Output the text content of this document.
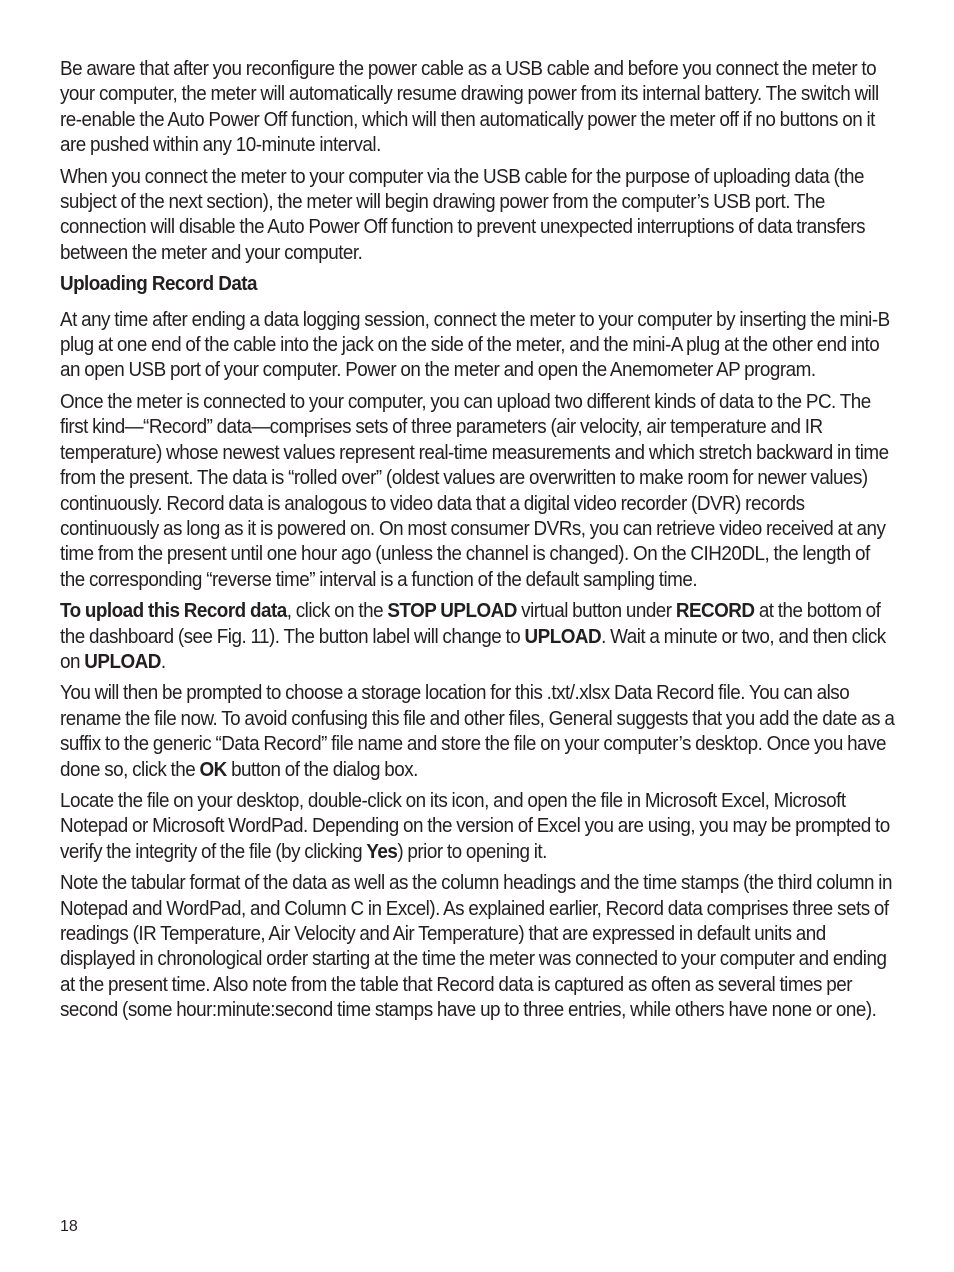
Be aware that after you reconfigure the power cable as a USB cable and before you connect the meter to your computer, the meter will automatically resume drawing power from its internal battery. The switch will re-enable the Auto Power Off function, which will then automatically power the meter off if no buttons on it are pushed within any 10-minute interval.

When you connect the meter to your computer via the USB cable for the purpose of uploading data (the subject of the next section), the meter will begin drawing power from the computer’s USB port. The connection will disable the Auto Power Off function to prevent unexpected interruptions of data transfers between the meter and your computer.

Uploading Record Data

At any time after ending a data logging session, connect the meter to your computer by inserting the mini-B plug at one end of the cable into the jack on the side of the meter, and the mini-A plug at the other end into an open USB port of your computer. Power on the meter and open the Anemometer AP program.

Once the meter is connected to your computer, you can upload two different kinds of data to the PC. The first kind—“Record” data—comprises sets of three parameters (air velocity, air temperature and IR temperature) whose newest values represent real-time measurements and which stretch backward in time from the present. The data is “rolled over” (oldest values are overwritten to make room for newer values) continuously. Record data is analogous to video data that a digital video recorder (DVR) records continuously as long as it is powered on. On most consumer DVRs, you can retrieve video received at any time from the present until one hour ago (unless the channel is changed). On the CIH20DL, the length of the corresponding “reverse time” interval is a function of the default sampling time.

To upload this Record data, click on the STOP UPLOAD virtual button under RECORD at the bottom of the dashboard (see Fig. 11). The button label will change to UPLOAD. Wait a minute or two, and then click on UPLOAD.

You will then be prompted to choose a storage location for this .txt/.xlsx Data Record file. You can also rename the file now. To avoid confusing this file and other files, General suggests that you add the date as a suffix to the generic “Data Record” file name and store the file on your computer’s desktop. Once you have done so, click the OK button of the dialog box.

Locate the file on your desktop, double-click on its icon, and open the file in Microsoft Excel, Microsoft Notepad or Microsoft WordPad. Depending on the version of Excel you are using, you may be prompted to verify the integrity of the file (by clicking Yes) prior to opening it.

Note the tabular format of the data as well as the column headings and the time stamps (the third column in Notepad and WordPad, and Column C in Excel). As explained earlier, Record data comprises three sets of readings (IR Temperature, Air Velocity and Air Temperature) that are expressed in default units and displayed in chronological order starting at the time the meter was connected to your computer and ending at the present time. Also note from the table that Record data is captured as often as several times per second (some hour:minute:second time stamps have up to three entries, while others have none or one).

18
